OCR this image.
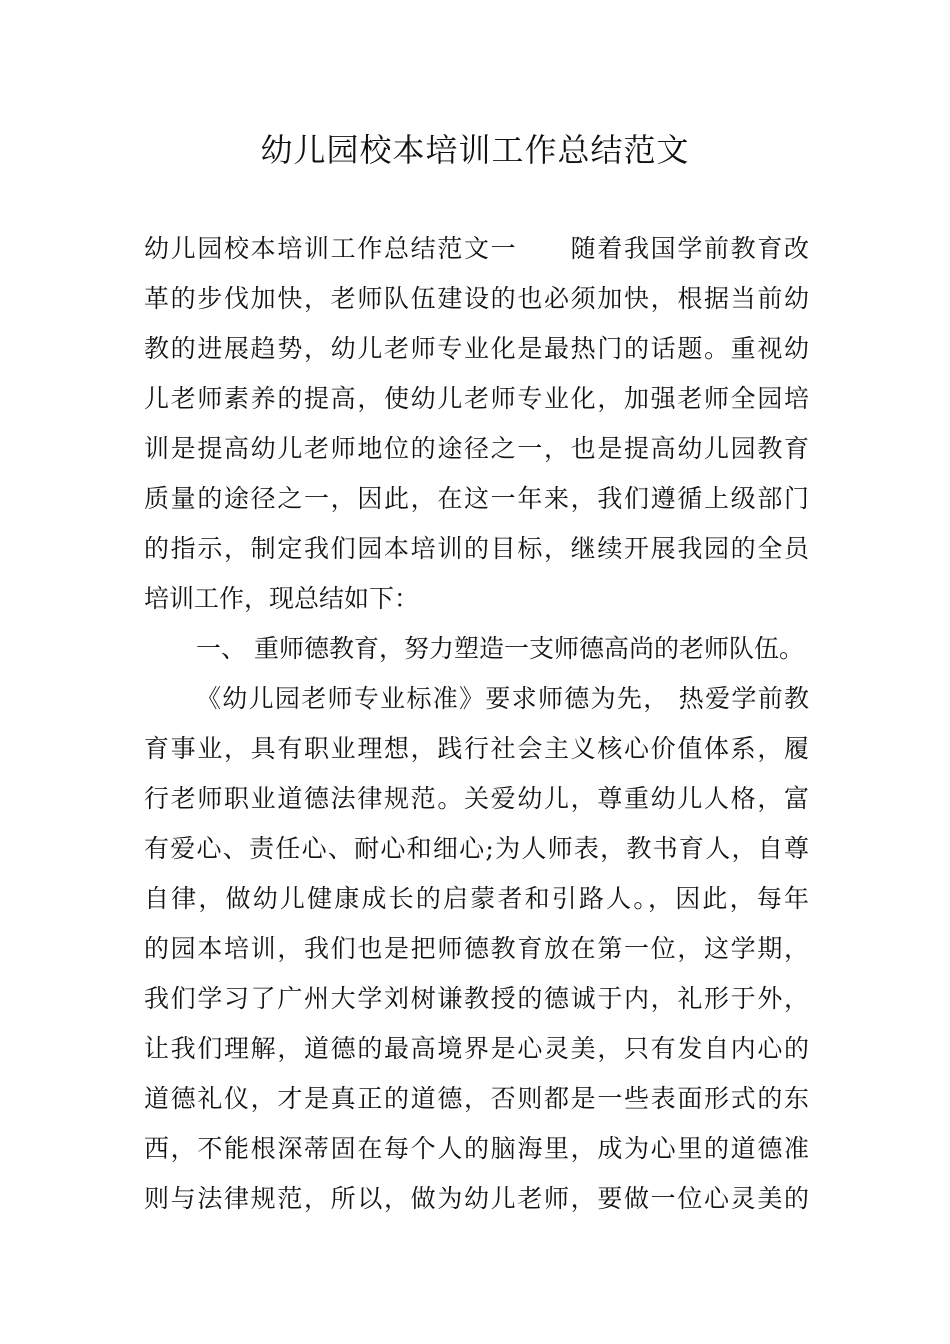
幼儿园校本培训工作总结范文
幼儿园校本培训工作总结范文一　　随着我国学前教育改
革的步伐加快，老师队伍建设的也必须加快，根据当前幼
教的进展趋势，幼儿老师专业化是最热门的话题。重视幼
儿老师素养的提高，使幼儿老师专业化，加强老师全园培
训是提高幼儿老师地位的途径之一，也是提高幼儿园教育
质量的途径之一，因此，在这一年来，我们遵循上级部门
的指示，制定我们园本培训的目标，继续开展我园的全员
培训工作，现总结如下：
一、 重师德教育，努力塑造一支师德高尚的老师队伍。
《幼儿园老师专业标准》要求师德为先， 热爱学前教
育事业，具有职业理想，践行社会主义核心价值体系，履
行老师职业道德法律规范。关爱幼儿，尊重幼儿人格，富
有爱心、责任心、耐心和细心;为人师表，教书育人，自尊
自律，做幼儿健康成长的启蒙者和引路人。，因此，每年
的园本培训，我们也是把师德教育放在第一位，这学期，
我们学习了广州大学刘树谦教授的德诚于内，礼形于外，
让我们理解，道德的最高境界是心灵美，只有发自内心的
道德礼仪，才是真正的道德，否则都是一些表面形式的东
西，不能根深蒂固在每个人的脑海里，成为心里的道德准
则与法律规范，所以，做为幼儿老师，要做一位心灵美的
